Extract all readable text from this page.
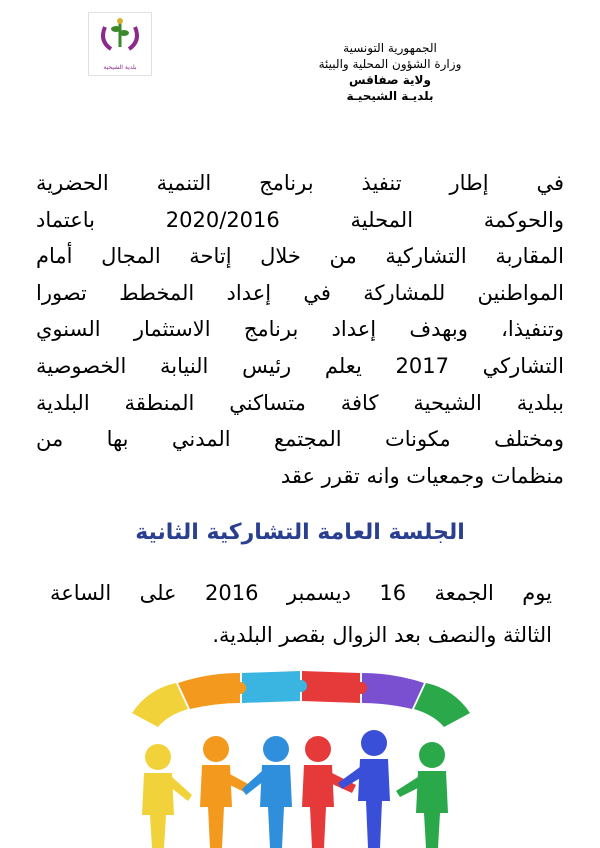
بلدية الشيحية
الجمهورية التونسية
وزارة الشؤون المحلية والبيئة
ولاية صفاقس
بلديـة الشيحيـة
في إطار تنفيذ برنامج التنمية الحضرية
والحوكمة المحلية 2020/2016 باعتماد
المقاربة التشاركية من خلال إتاحة المجال أمام
المواطنين للمشاركة في إعداد المخطط تصورا
وتنفيذا، وبهدف إعداد برنامج الاستثمار السنوي
التشاركي 2017 يعلم رئيس النيابة الخصوصية
ببلدية الشيحية كافة متساكني المنطقة البلدية
ومختلف مكونات المجتمع المدني بها من
منظمات وجمعيات وانه تقرر عقد
الجلسة العامة التشاركية الثانية
يوم الجمعة 16 ديسمبر 2016 على الساعة
الثالثة والنصف بعد الزوال بقصر البلدية.
